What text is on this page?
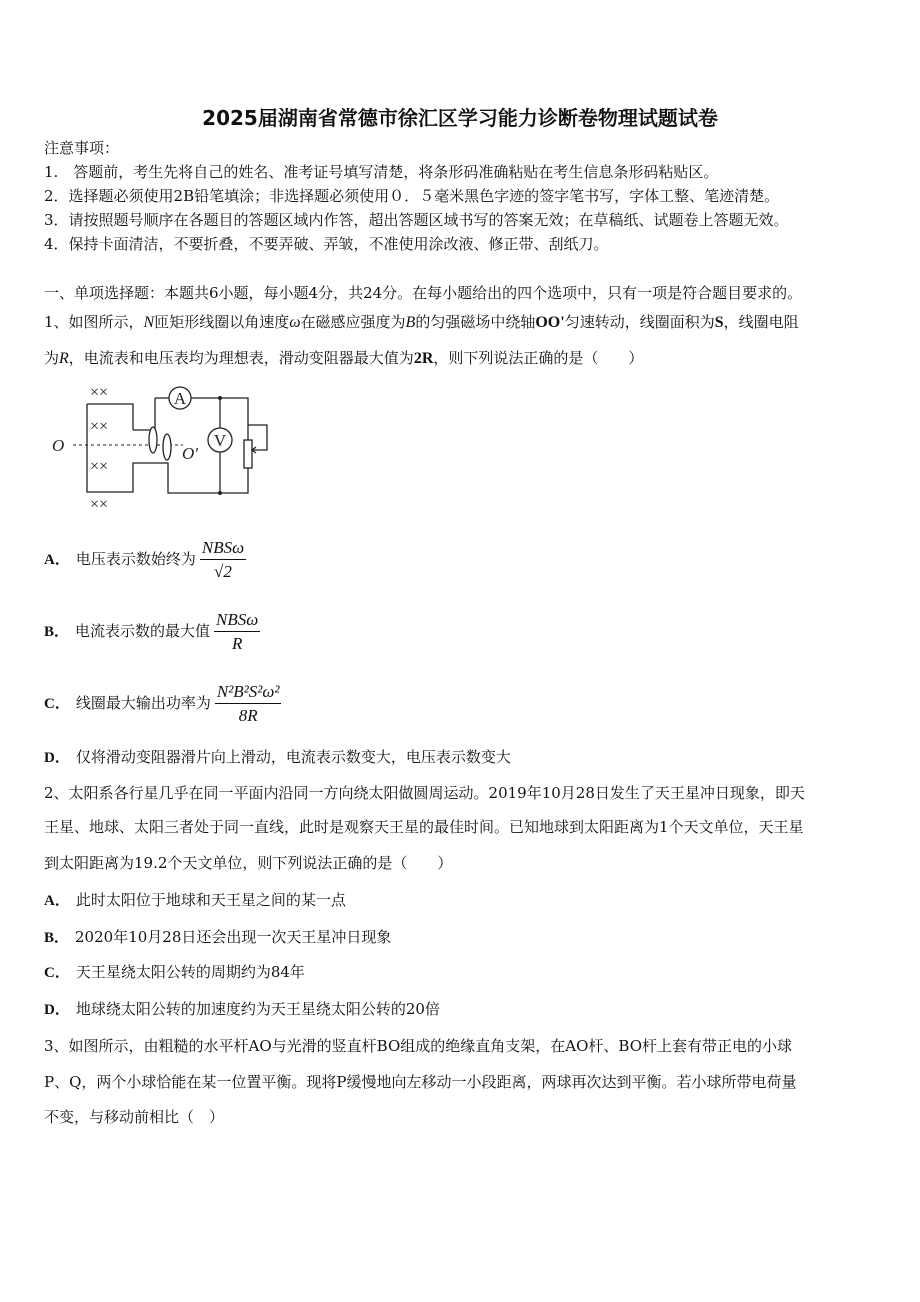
2025届湖南省常德市徐汇区学习能力诊断卷物理试题试卷
注意事项：
1.　答题前，考生先将自己的姓名、准考证号填写清楚，将条形码准确粘贴在考生信息条形码粘贴区。
2．选择题必须使用2B铅笔填涂；非选择题必须使用０．５毫米黑色字迹的签字笔书写，字体工整、笔迹清楚。
3．请按照题号顺序在各题目的答题区域内作答，超出答题区域书写的答案无效；在草稿纸、试题卷上答题无效。
4．保持卡面清洁，不要折叠，不要弄破、弄皱，不准使用涂改液、修正带、刮纸刀。
一、单项选择题：本题共6小题，每小题4分，共24分。在每小题给出的四个选项中，只有一项是符合题目要求的。
1、如图所示，N匝矩形线圈以角速度ω在磁感应强度为B的匀强磁场中绕轴OO'匀速转动，线圈面积为S，线圈电阻
为R，电流表和电压表均为理想表，滑动变阻器最大值为2R，则下列说法正确的是（　　）
A
V
O	O'
××
××
××
××
A． 电压表示数始终为 $\frac{\text{NBSω}}{√2}$
B． 电流表示数的最大值 $\frac{\text{NBSω}}{R}$
C． 线圈最大输出功率为 $\frac{\text{N²B²S²ω²}}{8R}$
D． 仅将滑动变阻器滑片向上滑动，电流表示数变大，电压表示数变大
2、太阳系各行星几乎在同一平面内沿同一方向绕太阳做圆周运动。2019年10月28日发生了天王星冲日现象，即天
王星、地球、太阳三者处于同一直线，此时是观察天王星的最佳时间。已知地球到太阳距离为1个天文单位，天王星
到太阳距离为19.2个天文单位，则下列说法正确的是（　　）
A． 此时太阳位于地球和天王星之间的某一点
B． 2020年10月28日还会出现一次天王星冲日现象
C． 天王星绕太阳公转的周期约为84年
D． 地球绕太阳公转的加速度约为天王星绕太阳公转的20倍
3、如图所示，由粗糙的水平杆AO与光滑的竖直杆BO组成的绝缘直角支架，在AO杆、BO杆上套有带正电的小球
P、Q，两个小球恰能在某一位置平衡。现将P缓慢地向左移动一小段距离，两球再次达到平衡。若小球所带电荷量
不变，与移动前相比（　）
